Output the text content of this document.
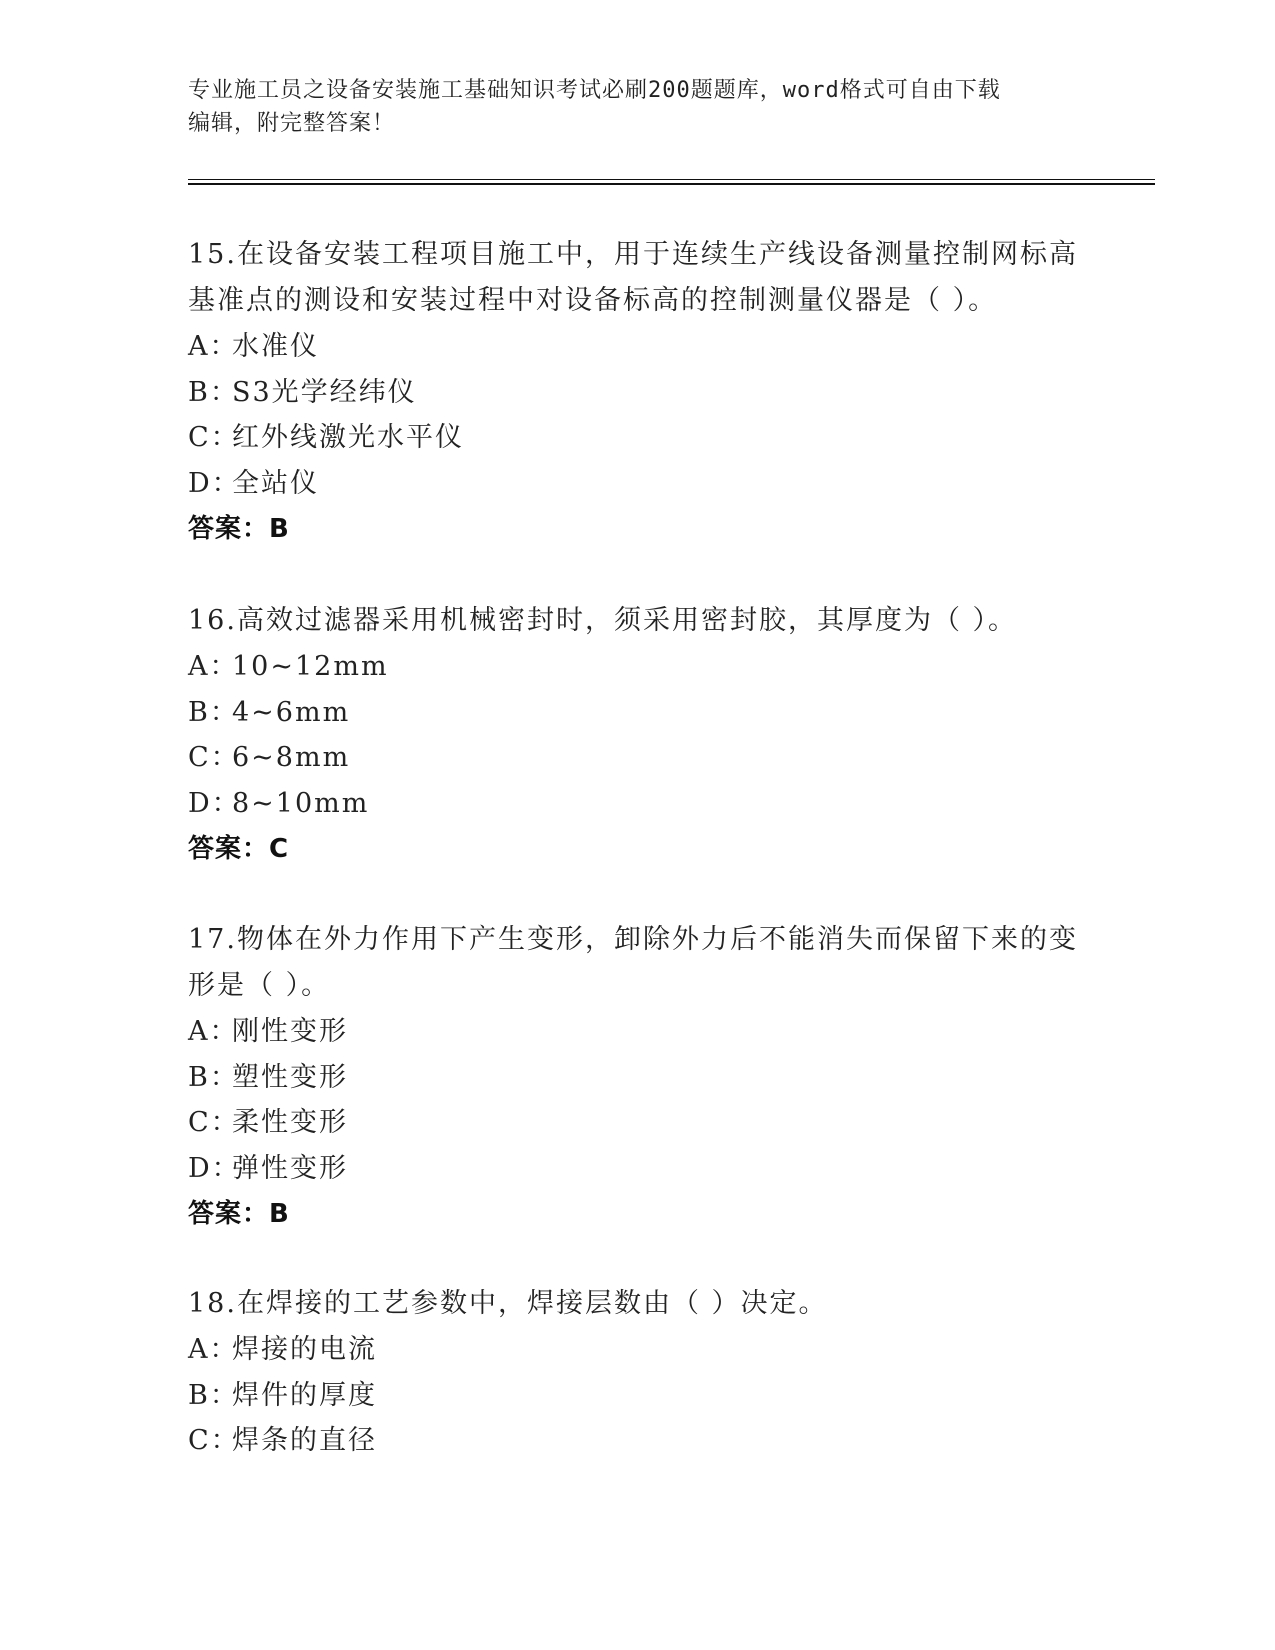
专业施工员之设备安装施工基础知识考试必刷200题题库，word格式可自由下载
编辑，附完整答案！

15.在设备安装工程项目施工中，用于连续生产线设备测量控制网标高

基准点的测设和安装过程中对设备标高的控制测量仪器是（ ）。

A：水准仪

B：S3光学经纬仪

C：红外线激光水平仪

D：全站仪

答案：B

16.高效过滤器采用机械密封时，须采用密封胶，其厚度为（ ）。

A：10~12mm

B：4~6mm

C：6~8mm

D：8~10mm

答案：C

17.物体在外力作用下产生变形，卸除外力后不能消失而保留下来的变

形是（ ）。

A：刚性变形

B：塑性变形

C：柔性变形

D：弹性变形

答案：B

18.在焊接的工艺参数中，焊接层数由（ ）决定。

A：焊接的电流

B：焊件的厚度

C：焊条的直径
